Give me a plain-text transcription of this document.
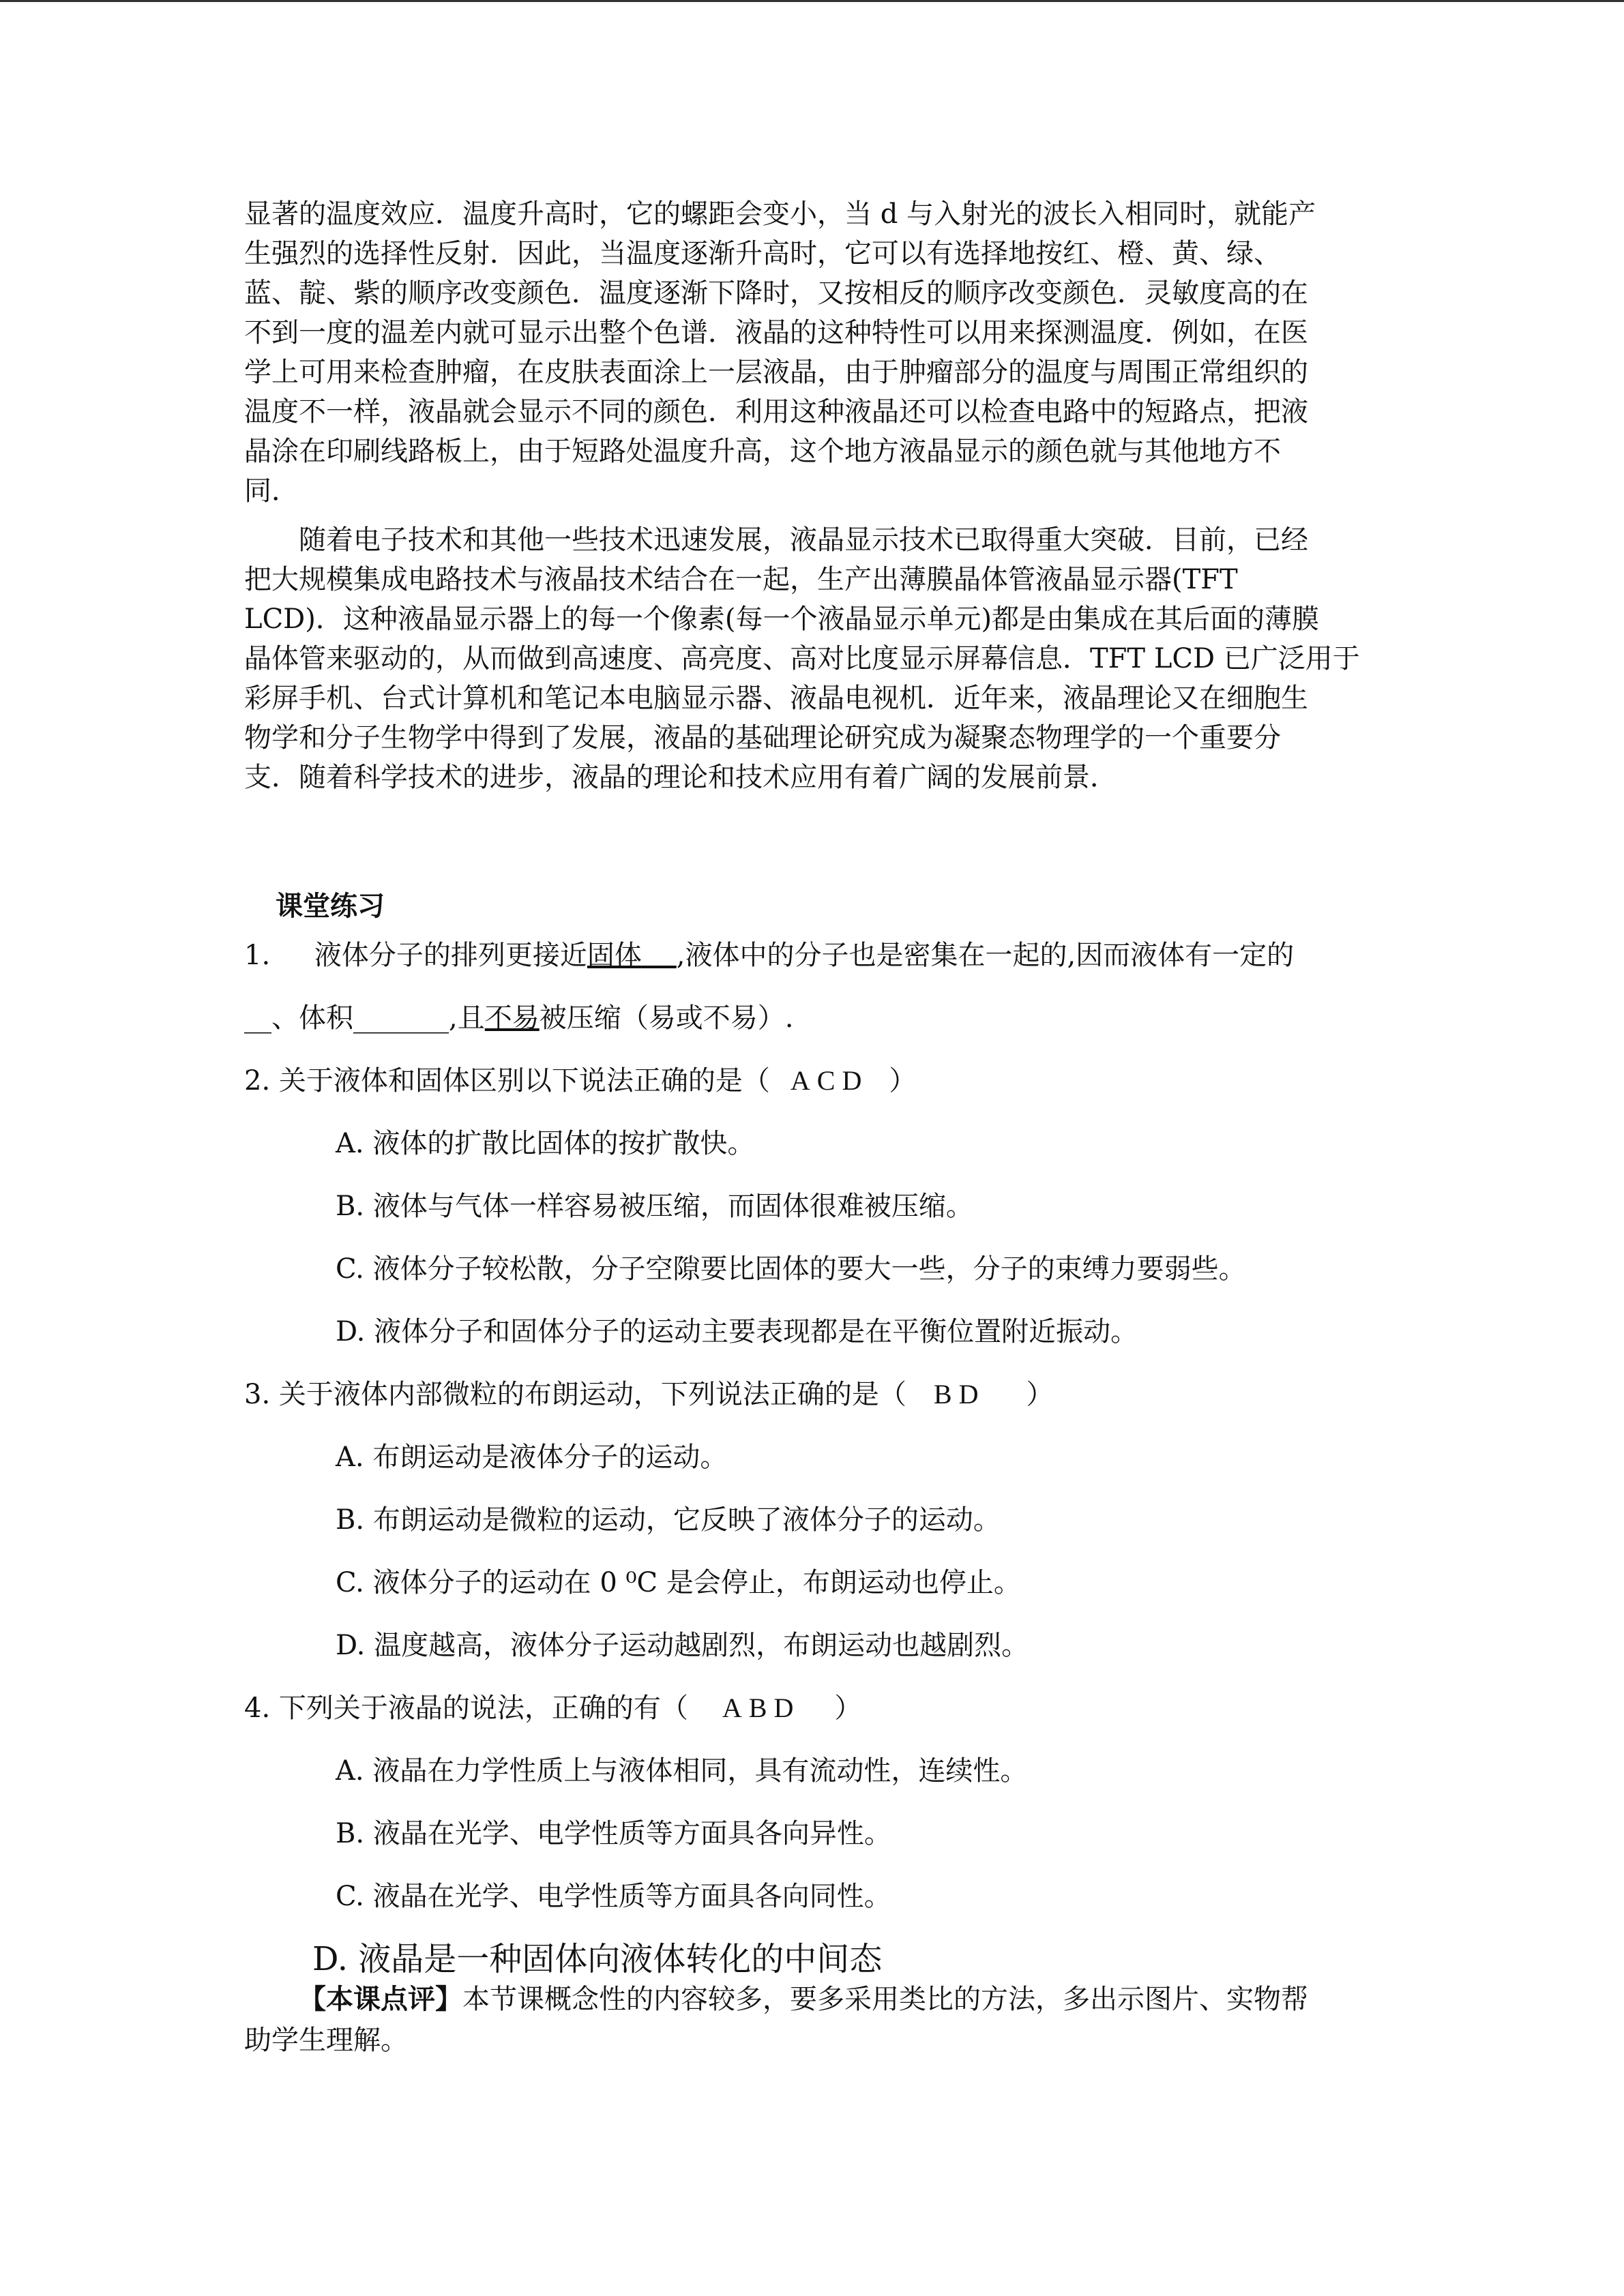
显著的温度效应．温度升高时，它的螺距会变小，当 d 与入射光的波长入相同时，就能产
生强烈的选择性反射．因此，当温度逐渐升高时，它可以有选择地按红、橙、黄、绿、
蓝、靛、紫的顺序改变颜色．温度逐渐下降时，又按相反的顺序改变颜色．灵敏度高的在
不到一度的温差内就可显示出整个色谱．液晶的这种特性可以用来探测温度．例如，在医
学上可用来检查肿瘤，在皮肤表面涂上一层液晶，由于肿瘤部分的温度与周围正常组织的
温度不一样，液晶就会显示不同的颜色．利用这种液晶还可以检查电路中的短路点，把液
晶涂在印刷线路板上，由于短路处温度升高，这个地方液晶显示的颜色就与其他地方不
同．
随着电子技术和其他一些技术迅速发展，液晶显示技术已取得重大突破．目前，已经
把大规模集成电路技术与液晶技术结合在一起，生产出薄膜晶体管液晶显示器(TFT
LCD)．这种液晶显示器上的每一个像素(每一个液晶显示单元)都是由集成在其后面的薄膜
晶体管来驱动的，从而做到高速度、高亮度、高对比度显示屏幕信息．TFT LCD 已广泛用于
彩屏手机、台式计算机和笔记本电脑显示器、液晶电视机．近年来，液晶理论又在细胞生
物学和分子生物学中得到了发展，液晶的基础理论研究成为凝聚态物理学的一个重要分
支．随着科学技术的进步，液晶的理论和技术应用有着广阔的发展前景．
课堂练习
1. 液体分子的排列更接近固体 ,液体中的分子也是密集在一起的,因而液体有一定的
__、体积_______,且不易被压缩（易或不易）.
2. 关于液体和固体区别以下说法正确的是（ ACD ）
A. 液体的扩散比固体的按扩散快。
B. 液体与气体一样容易被压缩，而固体很难被压缩。
C. 液体分子较松散，分子空隙要比固体的要大一些，分子的束缚力要弱些。
D. 液体分子和固体分子的运动主要表现都是在平衡位置附近振动。
3. 关于液体内部微粒的布朗运动，下列说法正确的是（ BD ）
A. 布朗运动是液体分子的运动。
B. 布朗运动是微粒的运动，它反映了液体分子的运动。
C. 液体分子的运动在 0 ⁰C 是会停止，布朗运动也停止。
D. 温度越高，液体分子运动越剧烈，布朗运动也越剧烈。
4. 下列关于液晶的说法，正确的有（ ABD ）
A. 液晶在力学性质上与液体相同，具有流动性，连续性。
B. 液晶在光学、电学性质等方面具各向异性。
C. 液晶在光学、电学性质等方面具各向同性。
D. 液晶是一种固体向液体转化的中间态
【本课点评】本节课概念性的内容较多，要多采用类比的方法，多出示图片、实物帮
助学生理解。
